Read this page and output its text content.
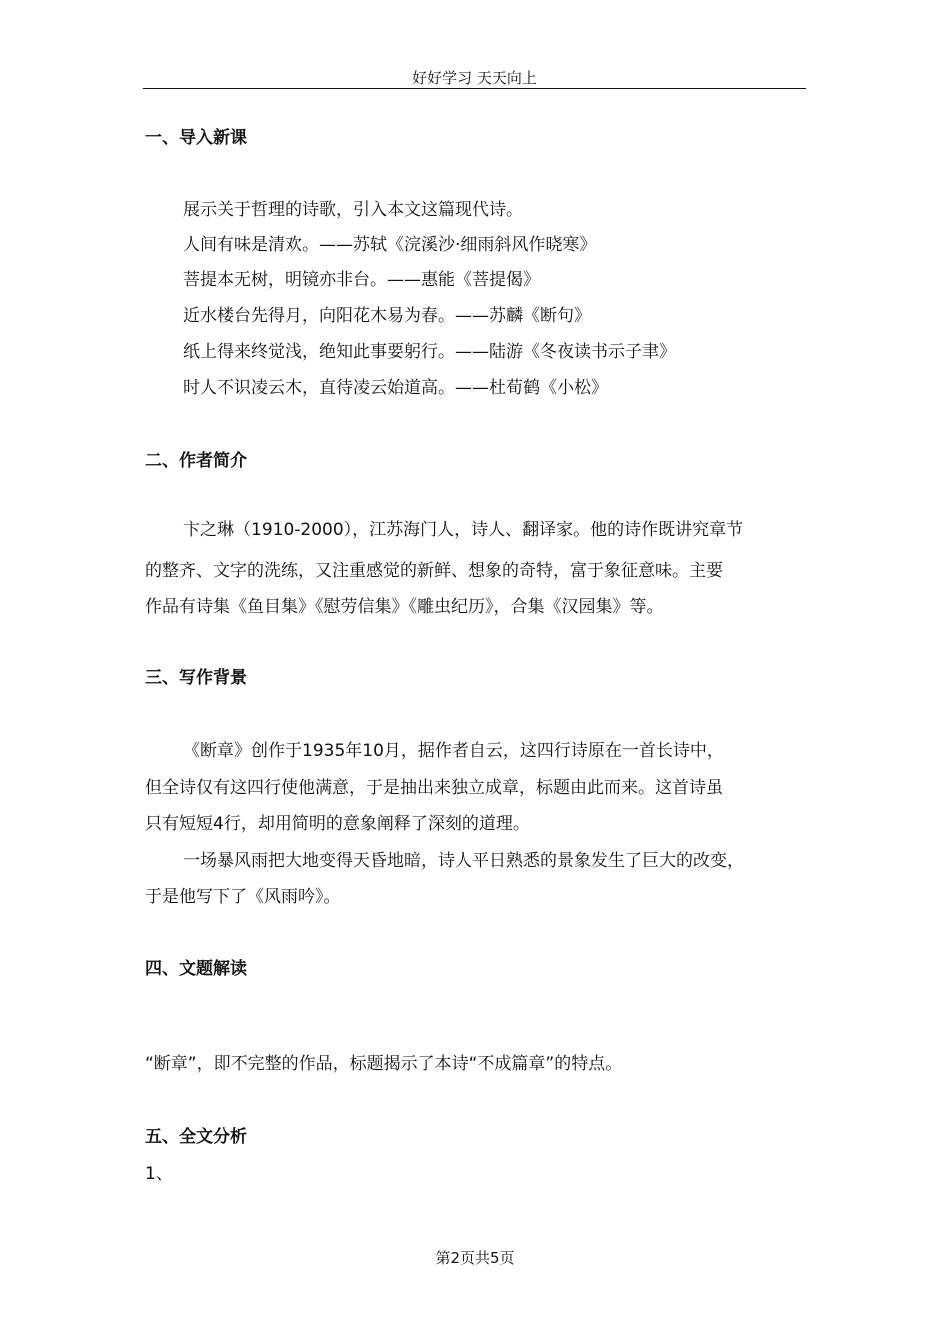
好好学习 天天向上
一、导入新课
展示关于哲理的诗歌，引入本文这篇现代诗。
人间有味是清欢。——苏轼《浣溪沙·细雨斜风作晓寒》
菩提本无树，明镜亦非台。——惠能《菩提偈》
近水楼台先得月，向阳花木易为春。——苏麟《断句》
纸上得来终觉浅，绝知此事要躬行。——陆游《冬夜读书示子聿》
时人不识凌云木，直待凌云始道高。——杜荀鹤《小松》
二、作者简介
卞之琳（1910-2000），江苏海门人，诗人、翻译家。他的诗作既讲究章节
的整齐、文字的洗练，又注重感觉的新鲜、想象的奇特，富于象征意味。主要
作品有诗集《鱼目集》《慰劳信集》《雕虫纪历》，合集《汉园集》等。
三、写作背景
《断章》创作于1935年10月，据作者自云，这四行诗原在一首长诗中，
但全诗仅有这四行使他满意，于是抽出来独立成章，标题由此而来。这首诗虽
只有短短4行，却用简明的意象阐释了深刻的道理。
一场暴风雨把大地变得天昏地暗，诗人平日熟悉的景象发生了巨大的改变，
于是他写下了《风雨吟》。
四、文题解读
“断章”，即不完整的作品，标题揭示了本诗“不成篇章”的特点。
五、全文分析
1、
第2页共5页
